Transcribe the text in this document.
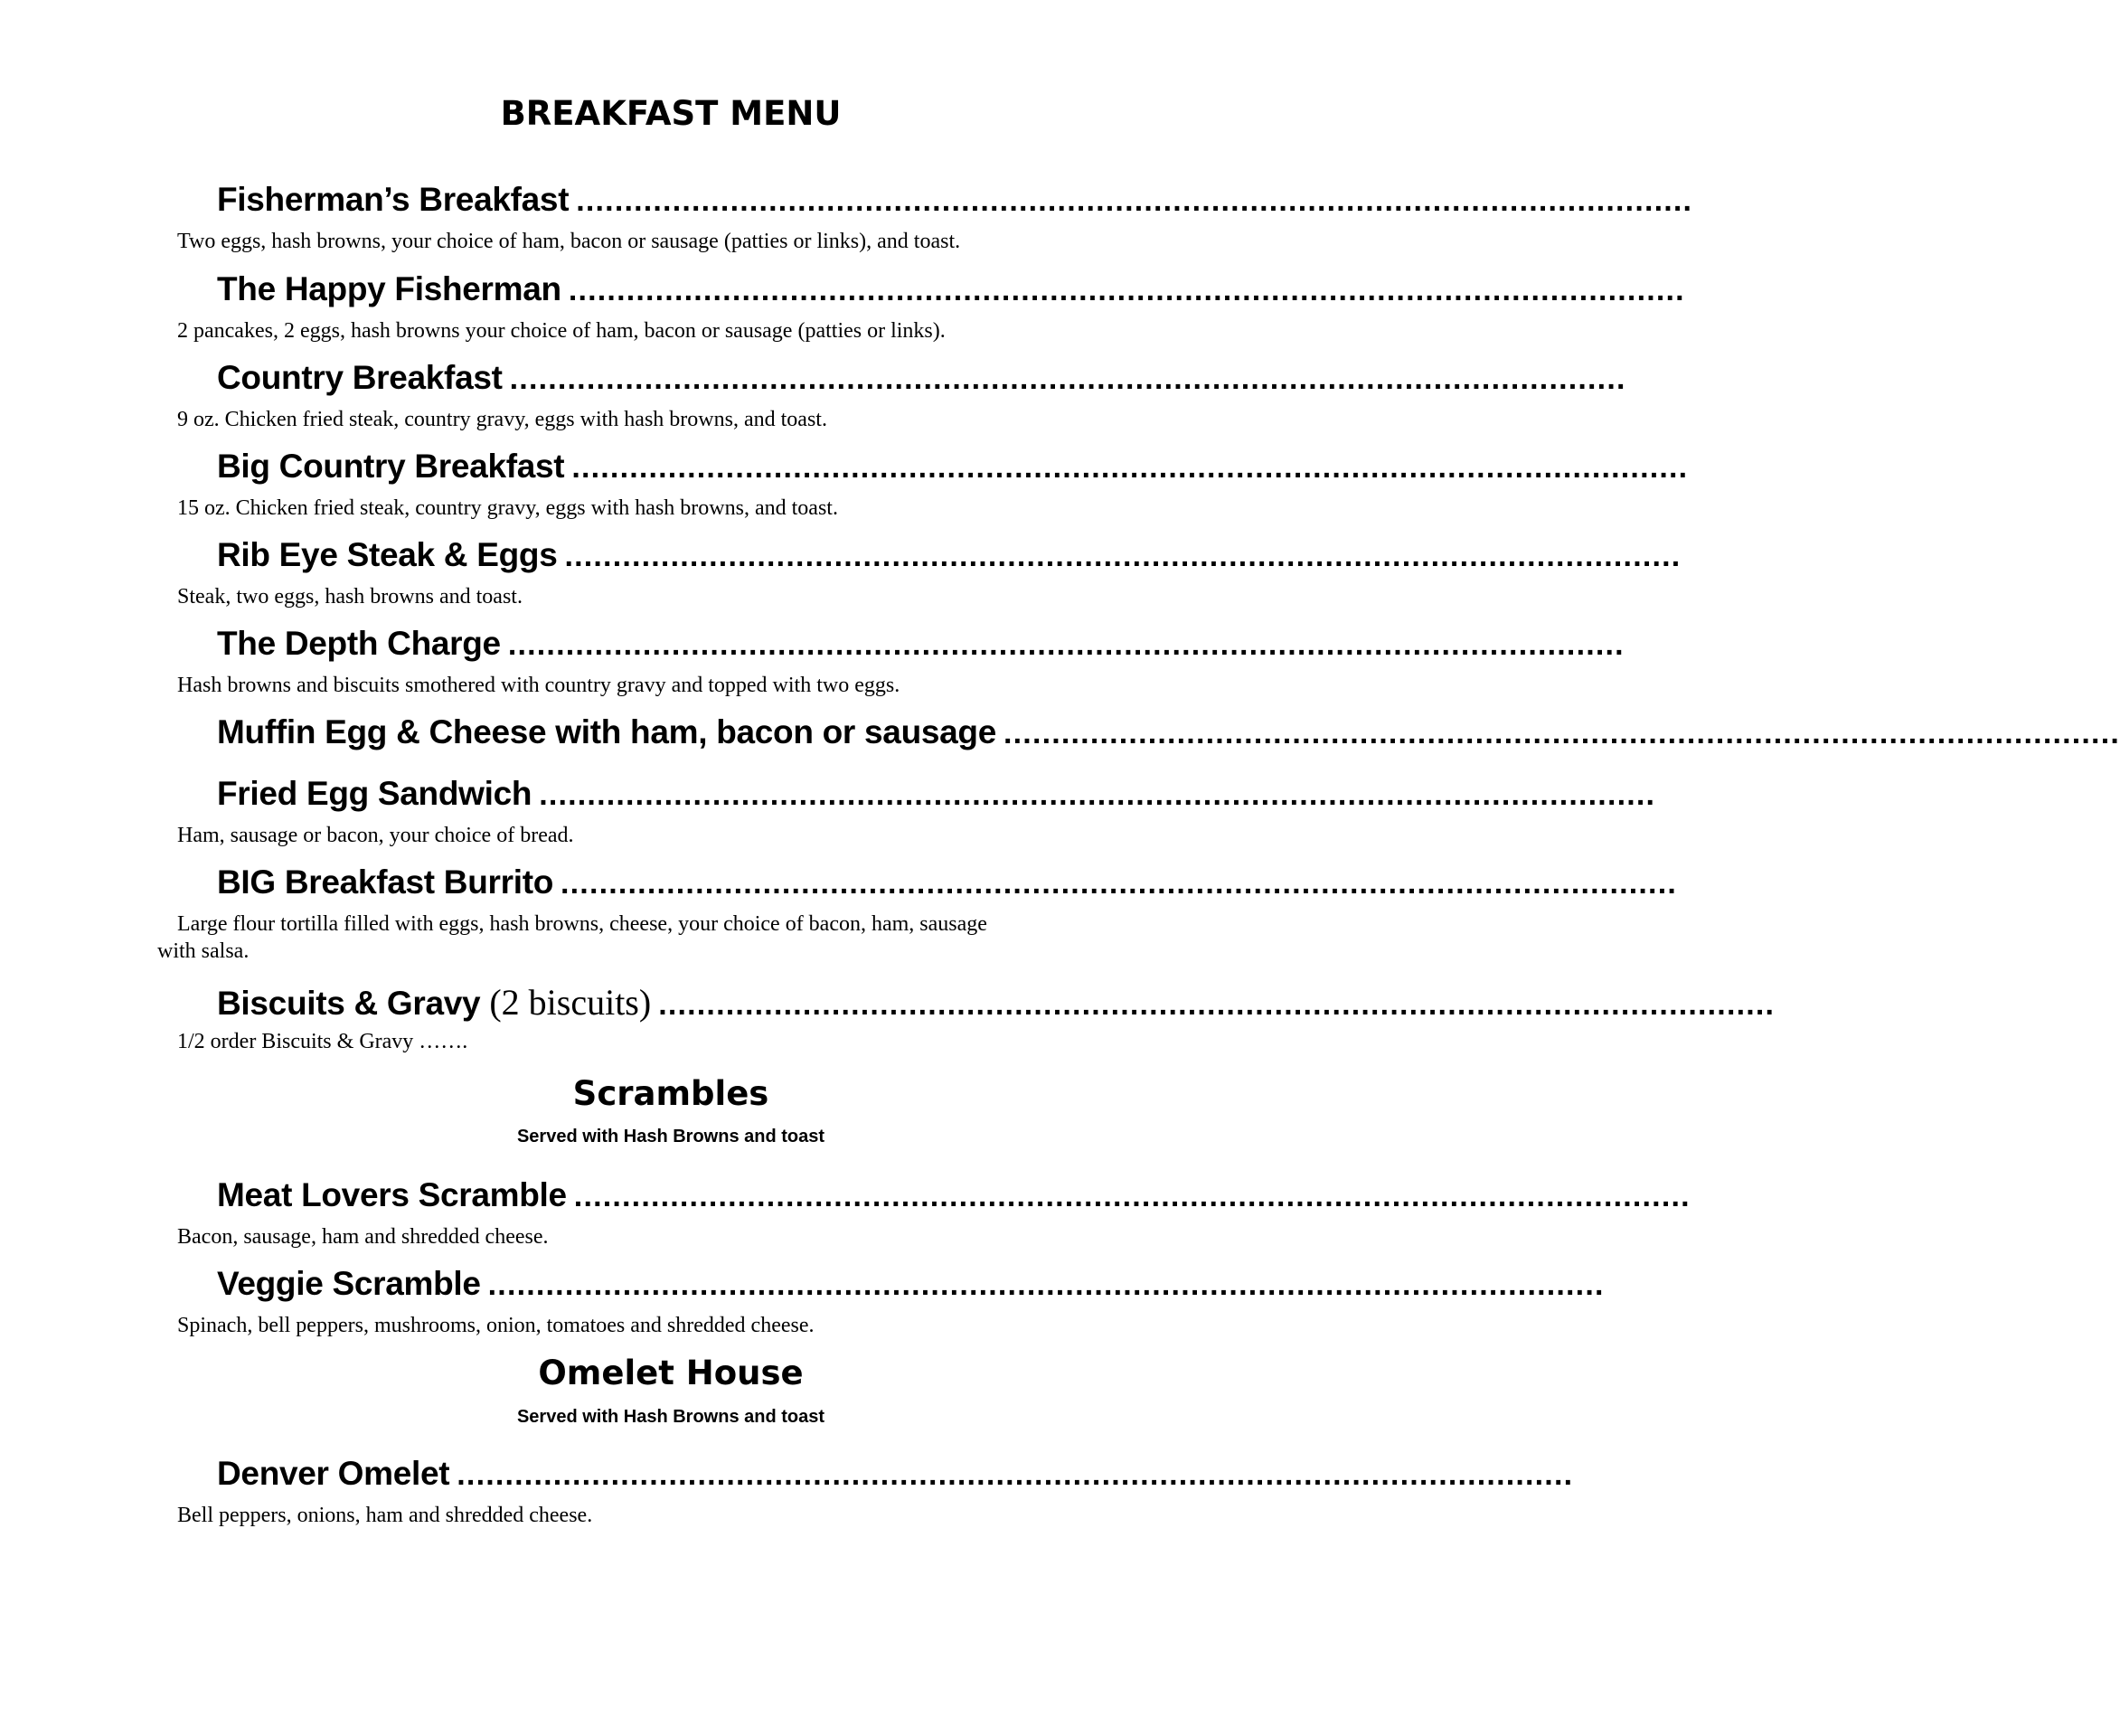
BREAKFAST MENU
Fisherman’s Breakfast ....................................................................................................................
Two eggs, hash browns, your choice of ham, bacon or sausage (patties or links), and toast.
The Happy Fisherman ....................................................................................................................
2 pancakes, 2 eggs, hash browns your choice of ham, bacon or sausage (patties or links).
Country Breakfast ....................................................................................................................
9 oz. Chicken fried steak, country gravy, eggs with hash browns, and toast.
Big Country Breakfast ....................................................................................................................
15 oz. Chicken fried steak, country gravy, eggs with hash browns, and toast.
Rib Eye Steak & Eggs ....................................................................................................................
Steak, two eggs, hash browns and toast.
The Depth Charge ....................................................................................................................
Hash browns and biscuits smothered with country gravy and topped with two eggs.
Muffin Egg & Cheese with ham, bacon or sausage ....................................................................................................................
Fried Egg Sandwich ....................................................................................................................
Ham, sausage or bacon, your choice of bread.
BIG Breakfast Burrito ....................................................................................................................
Large flour tortilla filled with eggs, hash browns, cheese, your choice of bacon, ham, sausage with salsa.
Biscuits & Gravy (2 biscuits) ....................................................................................................................
1/2 order Biscuits & Gravy …….
Scrambles
Served with Hash Browns and toast
Meat Lovers Scramble ....................................................................................................................
Bacon, sausage, ham and shredded cheese.
Veggie Scramble ....................................................................................................................
Spinach, bell peppers, mushrooms, onion, tomatoes and shredded cheese.
Omelet House
Served with Hash Browns and toast
Denver Omelet ....................................................................................................................
Bell peppers, onions, ham and shredded cheese.
